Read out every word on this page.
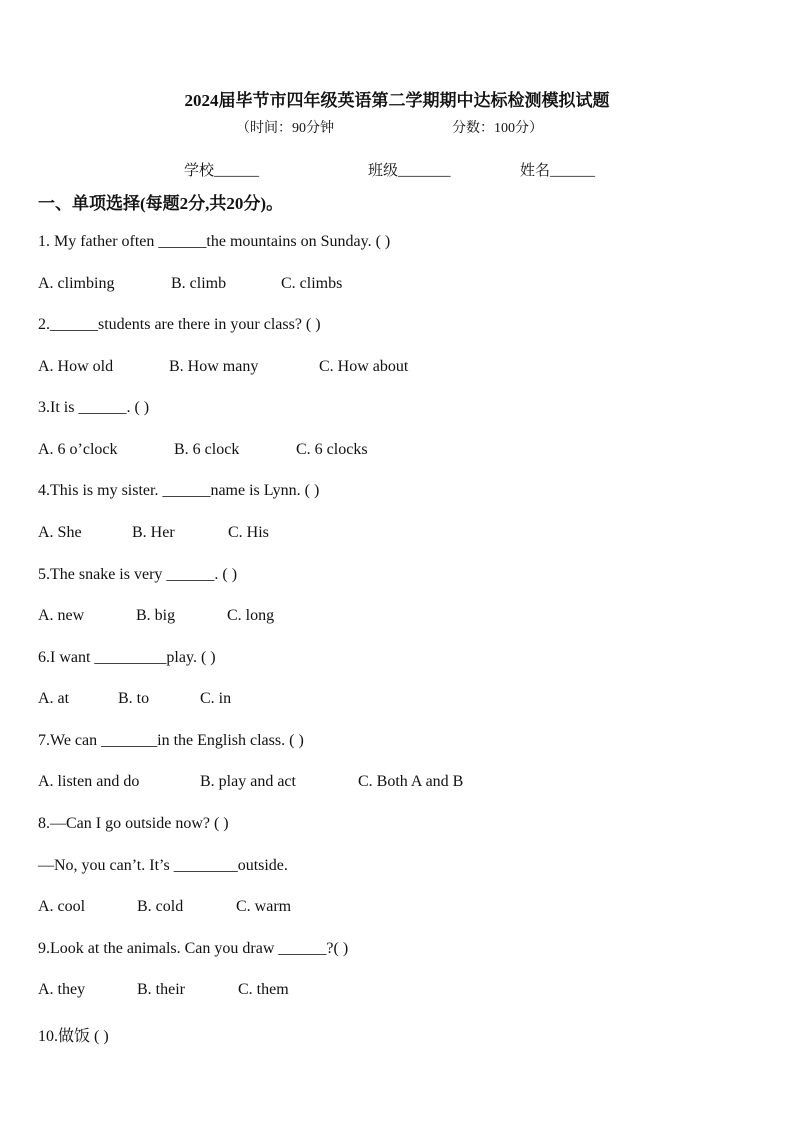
2024届毕节市四年级英语第二学期期中达标检测模拟试题
（时间：90分钟	分数：100分）
学校______	班级_______	姓名______
一、单项选择(每题2分,共20分)。
1. My father often ______the mountains on Sunday. ( )
A. climbing	B. climb	C. climbs
2.______students are there in your class? ( )
A. How old	B. How many	C. How about
3.It is ______. ( )
A. 6 o’clock	B. 6 clock	C. 6 clocks
4.This is my sister. ______name is Lynn. ( )
A. She	B. Her	C. His
5.The snake is very ______. ( )
A. new	B. big	C. long
6.I want _________play. ( )
A. at	B. to	C. in
7.We can _______in the English class. ( )
A. listen and do	B. play and act	C. Both A and B
8.—Can I go outside now? ( )
—No, you can’t. It’s ________outside.
A. cool	B. cold	C. warm
9.Look at the animals. Can you draw ______?( )
A. they	B. their	C. them
10.做饭 ( )
